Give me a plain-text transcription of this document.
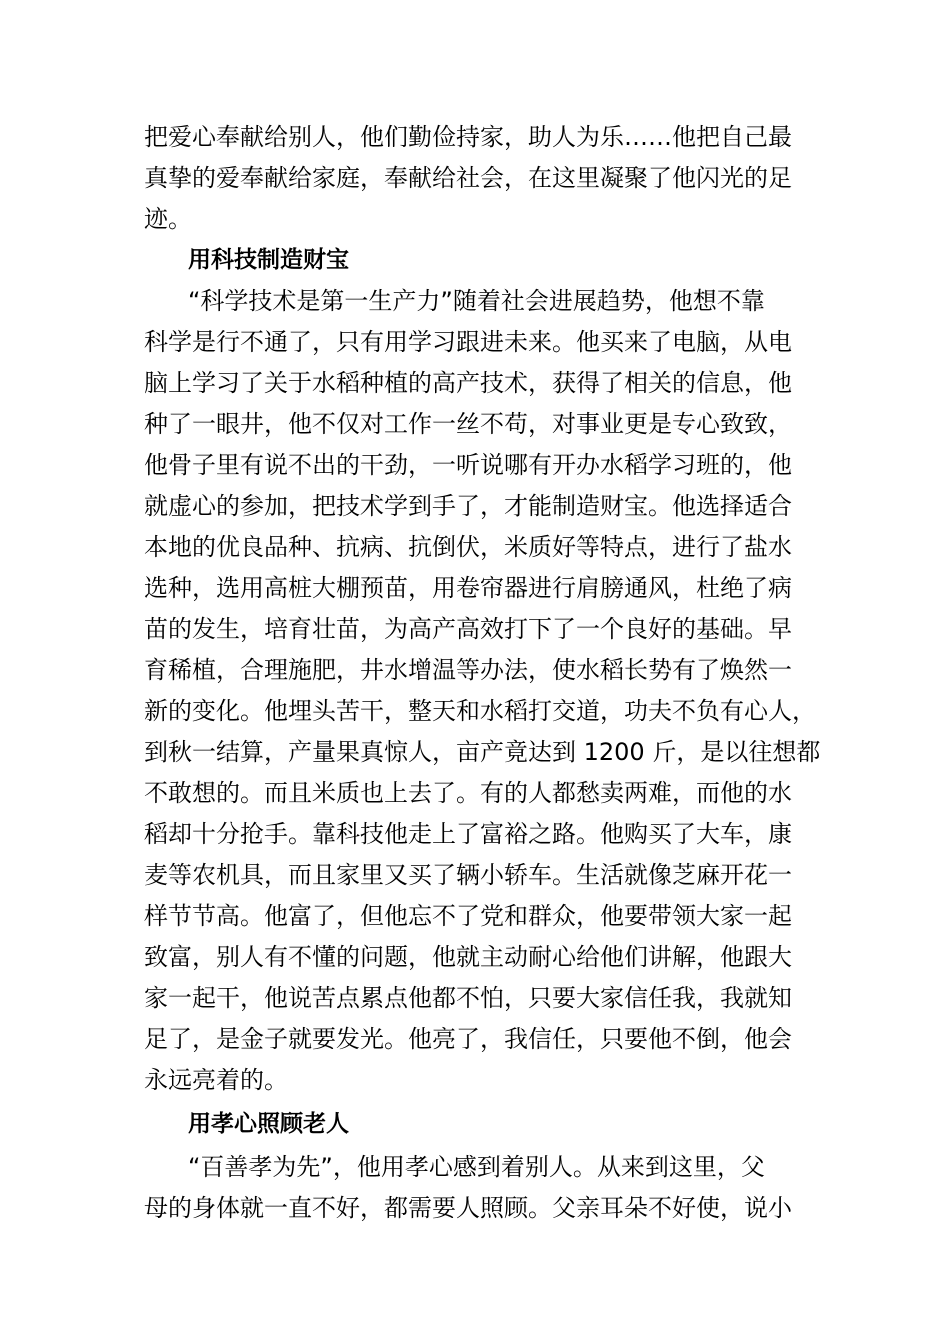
把爱心奉献给别人，他们勤俭持家，助人为乐……他把自己最
真挚的爱奉献给家庭，奉献给社会，在这里凝聚了他闪光的足
迹。
用科技制造财宝
“科学技术是第一生产力”随着社会进展趋势，他想不靠
科学是行不通了，只有用学习跟进未来。他买来了电脑，从电
脑上学习了关于水稻种植的高产技术，获得了相关的信息，他
种了一眼井，他不仅对工作一丝不苟，对事业更是专心致致，
他骨子里有说不出的干劲，一听说哪有开办水稻学习班的，他
就虚心的参加，把技术学到手了，才能制造财宝。他选择适合
本地的优良品种、抗病、抗倒伏，米质好等特点，进行了盐水
选种，选用高桩大棚预苗，用卷帘器进行肩膀通风，杜绝了病
苗的发生，培育壮苗，为高产高效打下了一个良好的基础。早
育稀植，合理施肥，井水增温等办法，使水稻长势有了焕然一
新的变化。他埋头苦干，整天和水稻打交道，功夫不负有心人，
到秋一结算，产量果真惊人，亩产竟达到 1200 斤，是以往想都
不敢想的。而且米质也上去了。有的人都愁卖两难，而他的水
稻却十分抢手。靠科技他走上了富裕之路。他购买了大车，康
麦等农机具，而且家里又买了辆小轿车。生活就像芝麻开花一
样节节高。他富了，但他忘不了党和群众，他要带领大家一起
致富，别人有不懂的问题，他就主动耐心给他们讲解，他跟大
家一起干，他说苦点累点他都不怕，只要大家信任我，我就知
足了，是金子就要发光。他亮了，我信任，只要他不倒，他会
永远亮着的。
用孝心照顾老人
“百善孝为先”，他用孝心感到着别人。从来到这里，父
母的身体就一直不好，都需要人照顾。父亲耳朵不好使，说小
